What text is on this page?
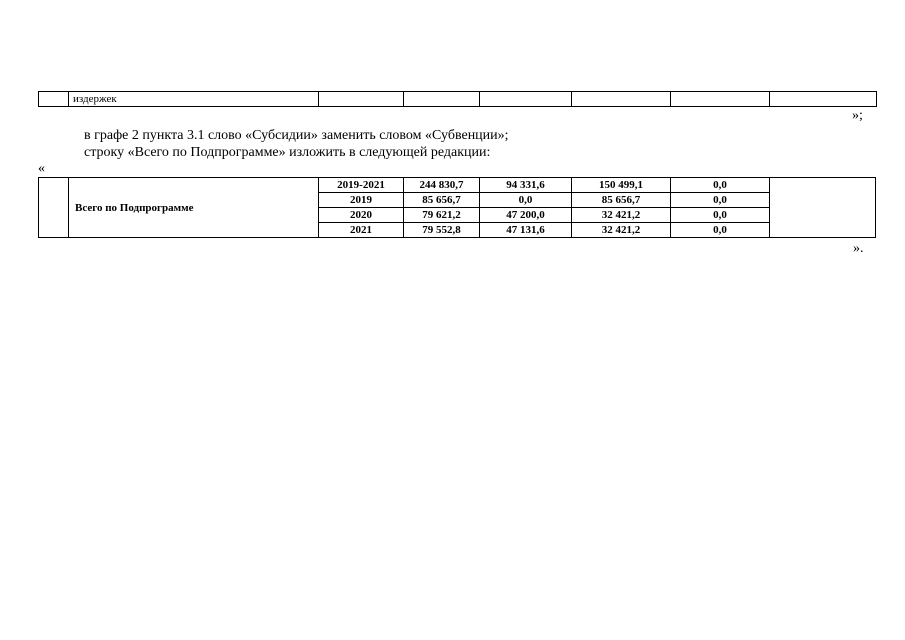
	издержек						
»;
в графе 2 пункта 3.1 слово «Субсидии» заменить словом «Субвенции»;
строку «Всего по Подпрограмме» изложить в следующей редакции:
«
	Всего по Подпрограмме	2019-2021	244 830,7	94 331,6	150 499,1	0,0
		2019	85 656,7	0,0	85 656,7	0,0
		2020	79 621,2	47 200,0	32 421,2	0,0
		2021	79 552,8	47 131,6	32 421,2	0,0
».
